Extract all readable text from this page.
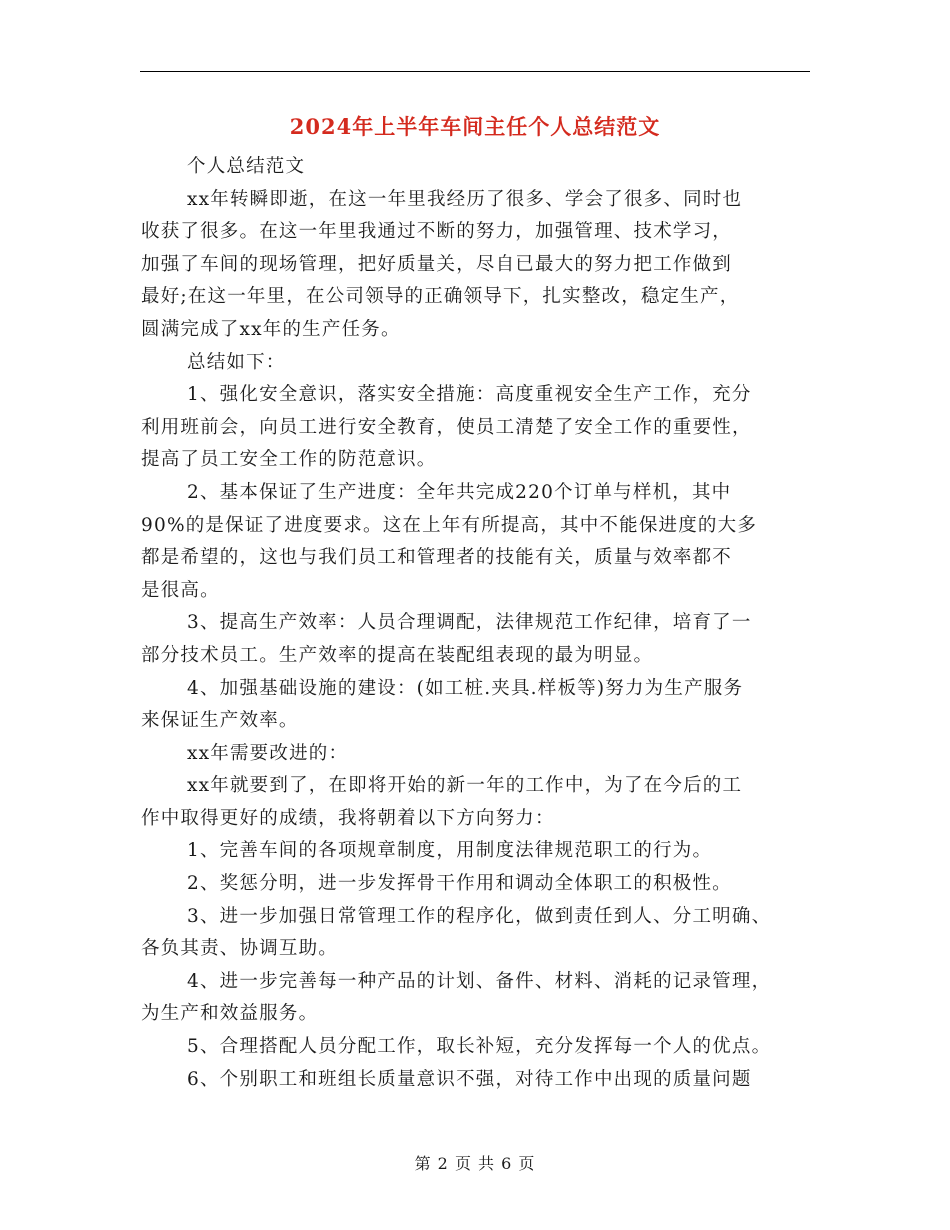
2024年上半年车间主任个人总结范文
个人总结范文
xx年转瞬即逝，在这一年里我经历了很多、学会了很多、同时也
收获了很多。在这一年里我通过不断的努力，加强管理、技术学习，
加强了车间的现场管理，把好质量关，尽自已最大的努力把工作做到
最好;在这一年里，在公司领导的正确领导下，扎实整改，稳定生产，
圆满完成了xx年的生产任务。
总结如下：
1、强化安全意识，落实安全措施：高度重视安全生产工作，充分
利用班前会，向员工进行安全教育，使员工清楚了安全工作的重要性，
提高了员工安全工作的防范意识。
2、基本保证了生产进度：全年共完成220个订单与样机，其中
90%的是保证了进度要求。这在上年有所提高，其中不能保进度的大多
都是希望的，这也与我们员工和管理者的技能有关，质量与效率都不
是很高。
3、提高生产效率：人员合理调配，法律规范工作纪律，培育了一
部分技术员工。生产效率的提高在装配组表现的最为明显。
4、加强基础设施的建设：(如工桩.夹具.样板等)努力为生产服务
来保证生产效率。
xx年需要改进的：
xx年就要到了，在即将开始的新一年的工作中，为了在今后的工
作中取得更好的成绩，我将朝着以下方向努力：
1、完善车间的各项规章制度，用制度法律规范职工的行为。
2、奖惩分明，进一步发挥骨干作用和调动全体职工的积极性。
3、进一步加强日常管理工作的程序化，做到责任到人、分工明确、
各负其责、协调互助。
4、进一步完善每一种产品的计划、备件、材料、消耗的记录管理，
为生产和效益服务。
5、合理搭配人员分配工作，取长补短，充分发挥每一个人的优点。
6、个别职工和班组长质量意识不强，对待工作中出现的质量问题
第 2 页 共 6 页
